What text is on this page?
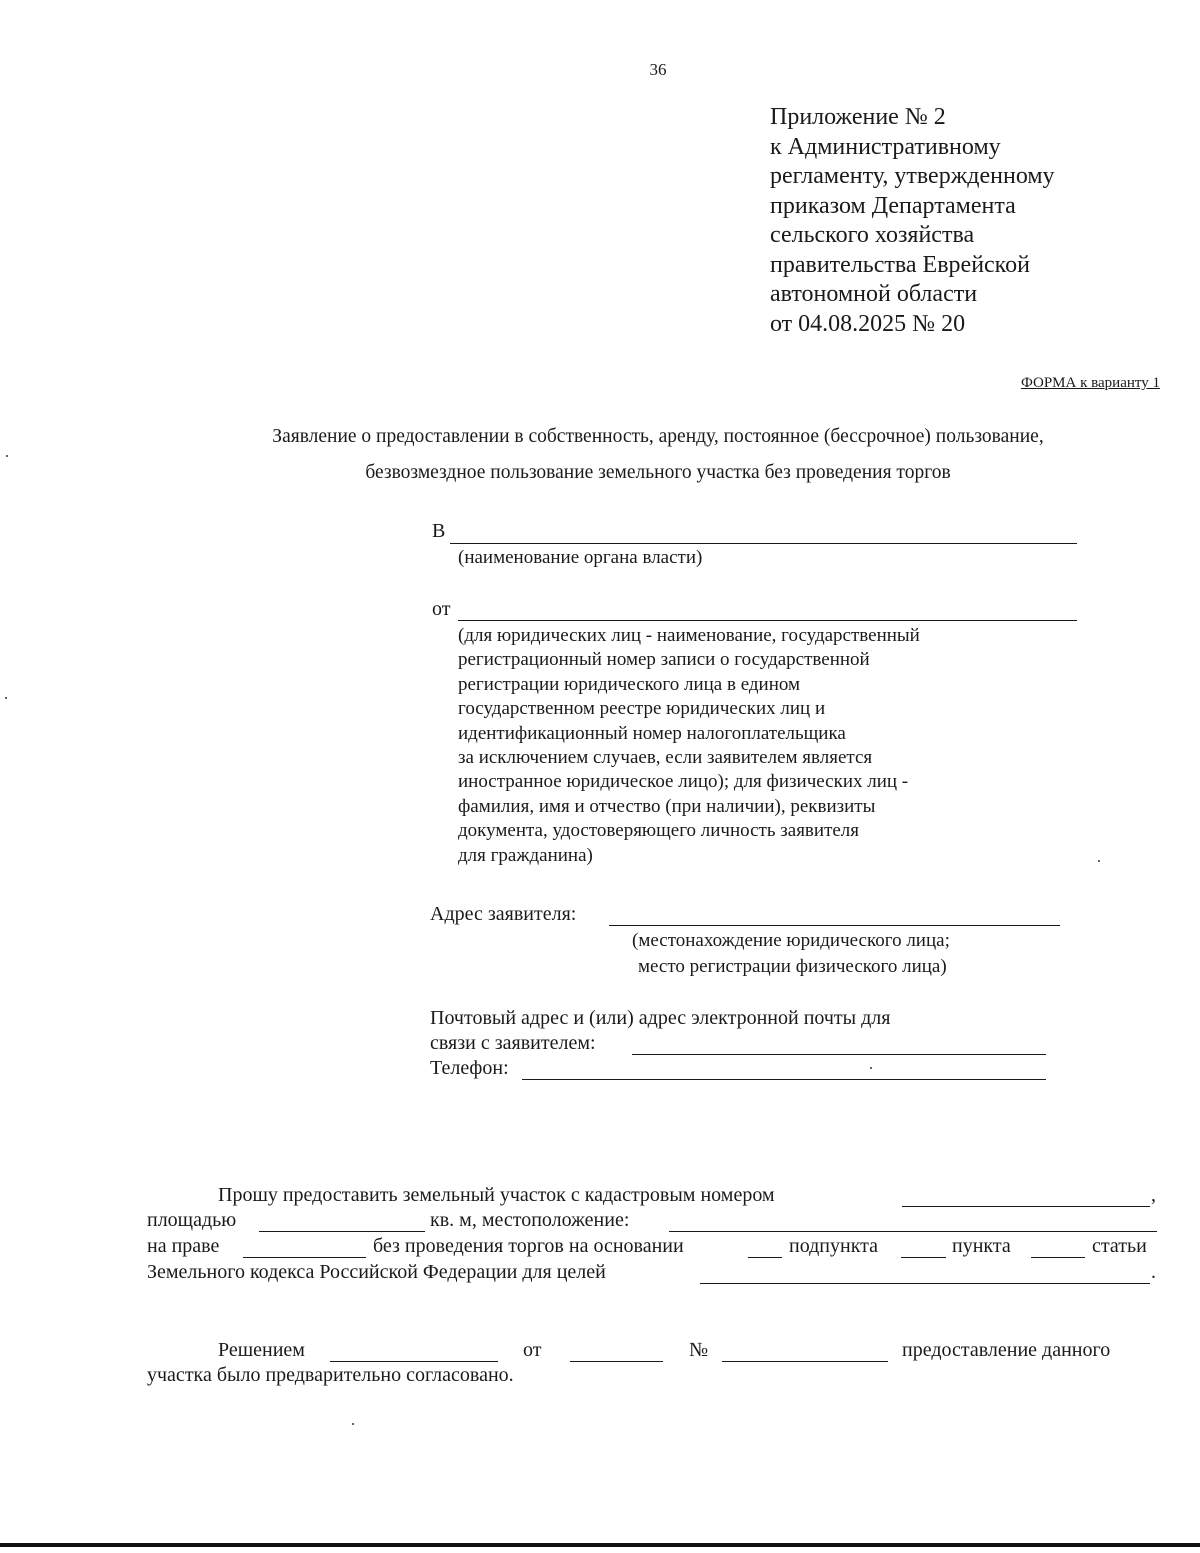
36
Приложение № 2
к Административному
регламенту, утвержденному
приказом Департамента
сельского хозяйства
правительства Еврейской
автономной области
от 04.08.2025 № 20
ФОРМА к варианту 1
Заявление о предоставлении в собственность, аренду, постоянное (бессрочное) пользование,
безвозмездное пользование земельного участка без проведения торгов
В
(наименование органа власти)
от
(для юридических лиц - наименование, государственный
регистрационный номер записи о государственной
регистрации юридического лица в едином
государственном реестре юридических лиц и
идентификационный номер налогоплательщика
за исключением случаев, если заявителем является
иностранное юридическое лицо); для физических лиц -
фамилия, имя и отчество (при наличии), реквизиты
документа, удостоверяющего личность заявителя
для гражданина)
Адрес заявителя:
(местонахождение юридического лица;
место регистрации физического лица)
Почтовый адрес и (или) адрес электронной почты для
связи с заявителем:
Телефон:
Прошу предоставить земельный участок с кадастровым номером	,
площадью	кв. м, местоположение:
на праве	без проведения торгов на основании	подпункта	пункта	статьи
Земельного кодекса Российской Федерации для целей	.
Решением	от	№	предоставление данного
участка было предварительно согласовано.
